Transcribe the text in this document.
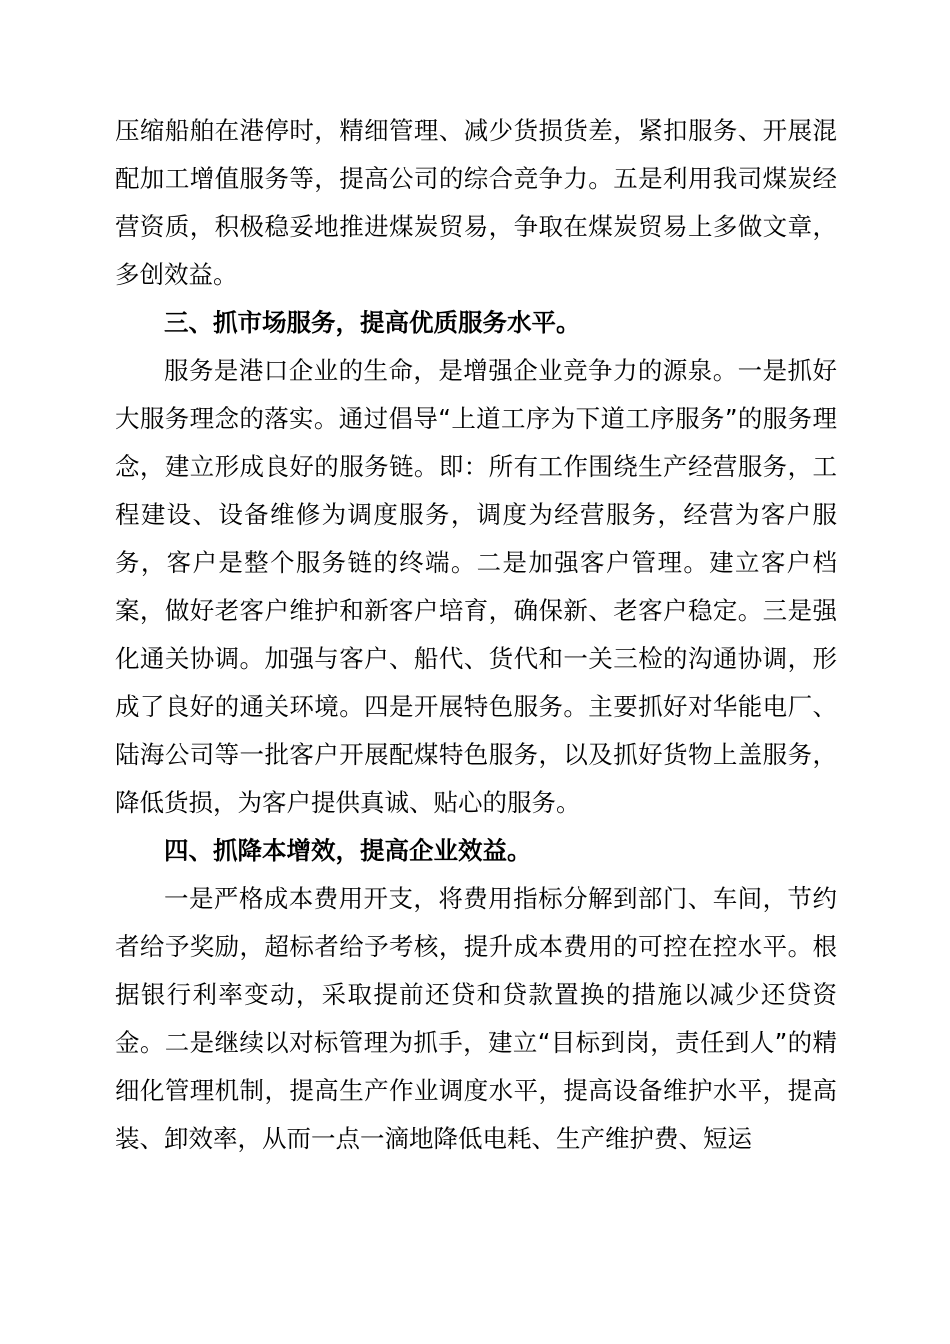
压缩船舶在港停时，精细管理、减少货损货差，紧扣服务、开展混配加工增值服务等，提高公司的综合竞争力。五是利用我司煤炭经营资质，积极稳妥地推进煤炭贸易，争取在煤炭贸易上多做文章，多创效益。

三、抓市场服务，提高优质服务水平。

服务是港口企业的生命，是增强企业竞争力的源泉。一是抓好大服务理念的落实。通过倡导“上道工序为下道工序服务”的服务理念，建立形成良好的服务链。即：所有工作围绕生产经营服务，工程建设、设备维修为调度服务，调度为经营服务，经营为客户服务，客户是整个服务链的终端。二是加强客户管理。建立客户档案，做好老客户维护和新客户培育，确保新、老客户稳定。三是强化通关协调。加强与客户、船代、货代和一关三检的沟通协调，形成了良好的通关环境。四是开展特色服务。主要抓好对华能电厂、陆海公司等一批客户开展配煤特色服务，以及抓好货物上盖服务，降低货损，为客户提供真诚、贴心的服务。

四、抓降本增效，提高企业效益。

一是严格成本费用开支，将费用指标分解到部门、车间，节约者给予奖励，超标者给予考核，提升成本费用的可控在控水平。根据银行利率变动，采取提前还贷和贷款置换的措施以减少还贷资金。二是继续以对标管理为抓手，建立“目标到岗，责任到人”的精细化管理机制，提高生产作业调度水平，提高设备维护水平，提高装、卸效率，从而一点一滴地降低电耗、生产维护费、短运
